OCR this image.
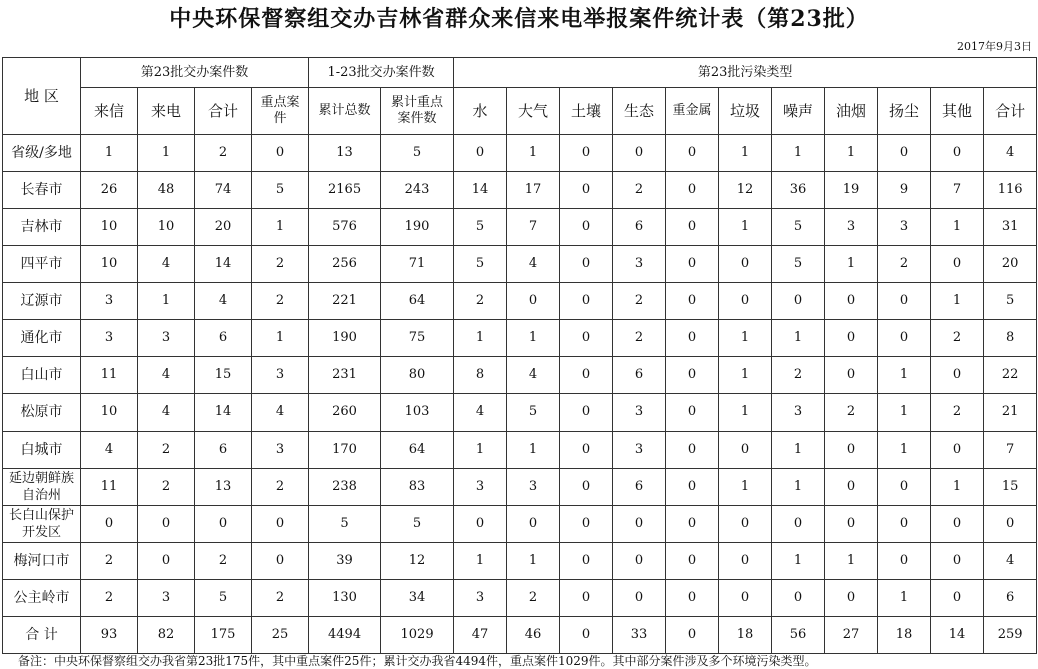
中央环保督察组交办吉林省群众来信来电举报案件统计表（第23批）
2017年9月3日
地 区	第23批交办案件数				1-23批交办案件数		第23批污染类型										
	来信	来电	合计	重点案件	累计总数	累计重点案件数	水	大气	土壤	生态	重金属	垃圾	噪声	油烟	扬尘	其他	合计
省级/多地	1	1	2	0	13	5	0	1	0	0	0	1	1	1	0	0	4
长春市	26	48	74	5	2165	243	14	17	0	2	0	12	36	19	9	7	116
吉林市	10	10	20	1	576	190	5	7	0	6	0	1	5	3	3	1	31
四平市	10	4	14	2	256	71	5	4	0	3	0	0	5	1	2	0	20
辽源市	3	1	4	2	221	64	2	0	0	2	0	0	0	0	0	1	5
通化市	3	3	6	1	190	75	1	1	0	2	0	1	1	0	0	2	8
白山市	11	4	15	3	231	80	8	4	0	6	0	1	2	0	1	0	22
松原市	10	4	14	4	260	103	4	5	0	3	0	1	3	2	1	2	21
白城市	4	2	6	3	170	64	1	1	0	3	0	0	1	0	1	0	7
延边朝鲜族自治州	11	2	13	2	238	83	3	3	0	6	0	1	1	0	0	1	15
长白山保护开发区	0	0	0	0	5	5	0	0	0	0	0	0	0	0	0	0	0
梅河口市	2	0	2	0	39	12	1	1	0	0	0	0	1	1	0	0	4
公主岭市	2	3	5	2	130	34	3	2	0	0	0	0	0	0	1	0	6
合 计	93	82	175	25	4494	1029	47	46	0	33	0	18	56	27	18	14	259
备注：中央环保督察组交办我省第23批175件，其中重点案件25件；累计交办我省4494件，重点案件1029件。其中部分案件涉及多个环境污染类型。
